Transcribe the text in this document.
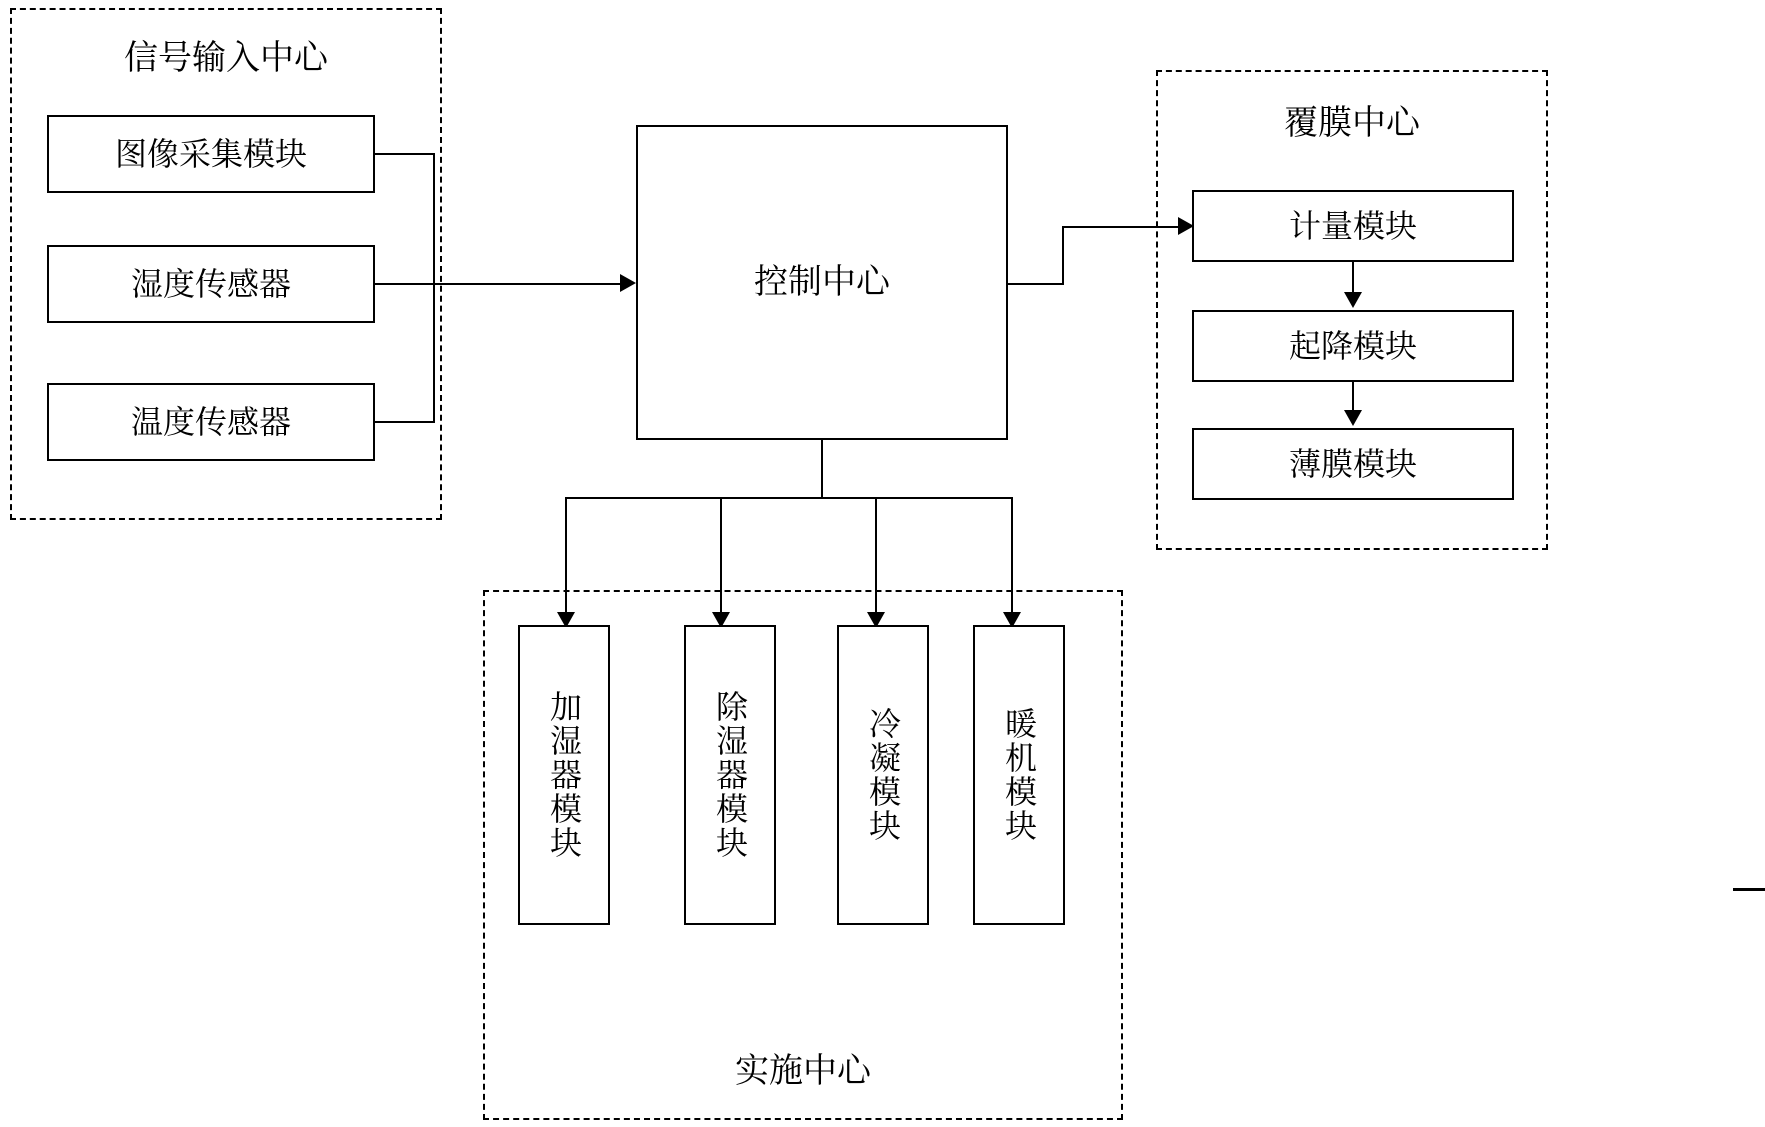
信号输入中心
图像采集模块
湿度传感器
温度传感器
控制中心
覆膜中心
计量模块
起降模块
薄膜模块
实施中心
加湿器模块	除湿器模块	冷凝模块	暖机模块
